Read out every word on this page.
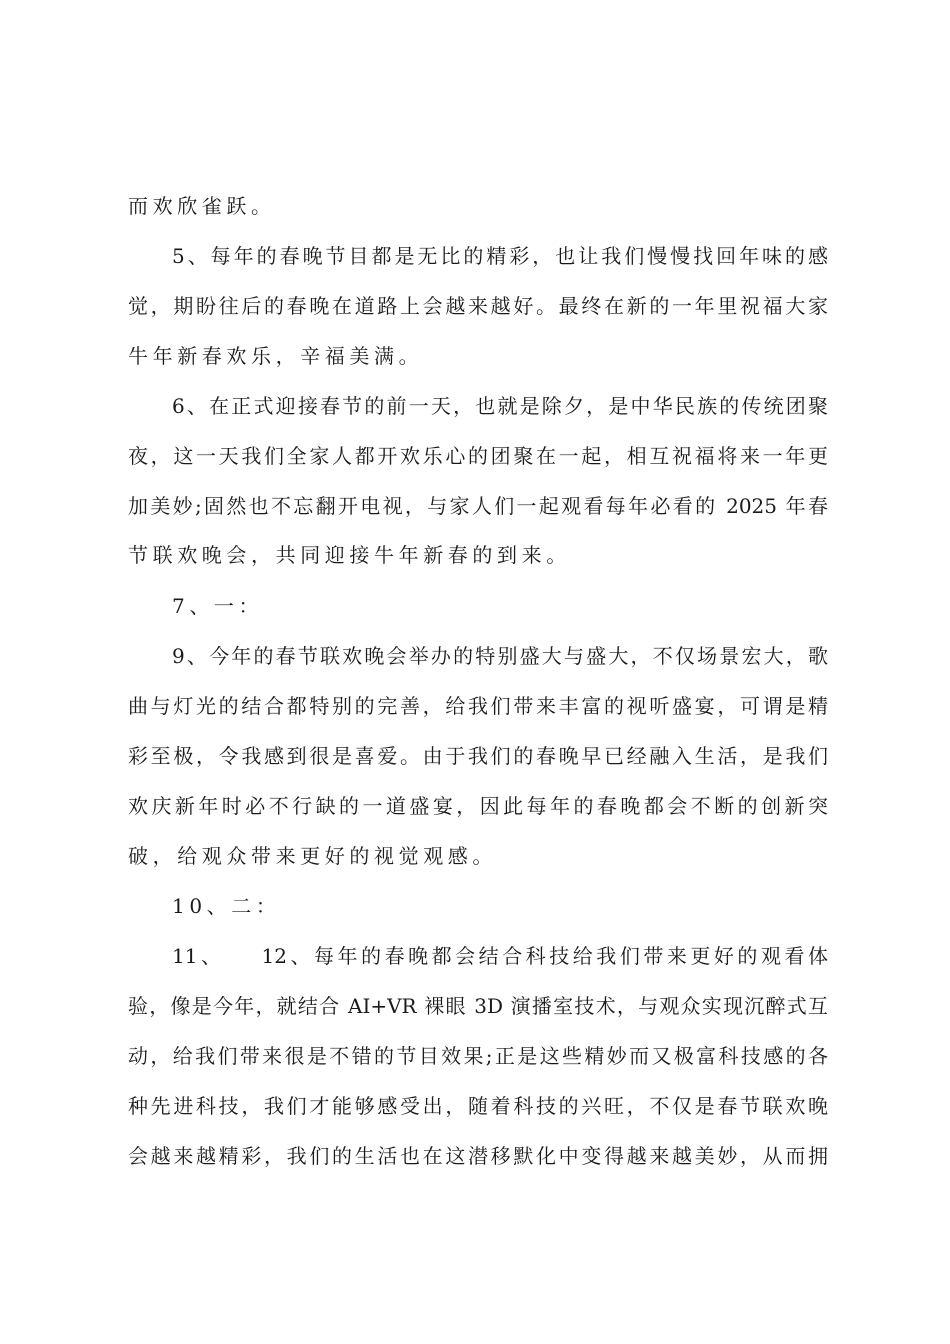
而欢欣雀跃。
5、每年的春晚节目都是无比的精彩，也让我们慢慢找回年味的感
觉，期盼往后的春晚在道路上会越来越好。最终在新的一年里祝福大家
牛年新春欢乐，辛福美满。
6、在正式迎接春节的前一天，也就是除夕，是中华民族的传统团聚
夜，这一天我们全家人都开欢乐心的团聚在一起，相互祝福将来一年更
加美妙;固然也不忘翻开电视，与家人们一起观看每年必看的 2025 年春
节联欢晚会，共同迎接牛年新春的到来。
7、一：
9、今年的春节联欢晚会举办的特别盛大与盛大，不仅场景宏大，歌
曲与灯光的结合都特别的完善，给我们带来丰富的视听盛宴，可谓是精
彩至极，令我感到很是喜爱。由于我们的春晚早已经融入生活，是我们
欢庆新年时必不行缺的一道盛宴，因此每年的春晚都会不断的创新突
破，给观众带来更好的视觉观感。
10、二：
11、　　12、每年的春晚都会结合科技给我们带来更好的观看体
验，像是今年，就结合 AI+VR 裸眼 3D 演播室技术，与观众实现沉醉式互
动，给我们带来很是不错的节目效果;正是这些精妙而又极富科技感的各
种先进科技，我们才能够感受出，随着科技的兴旺，不仅是春节联欢晚
会越来越精彩，我们的生活也在这潜移默化中变得越来越美妙，从而拥
